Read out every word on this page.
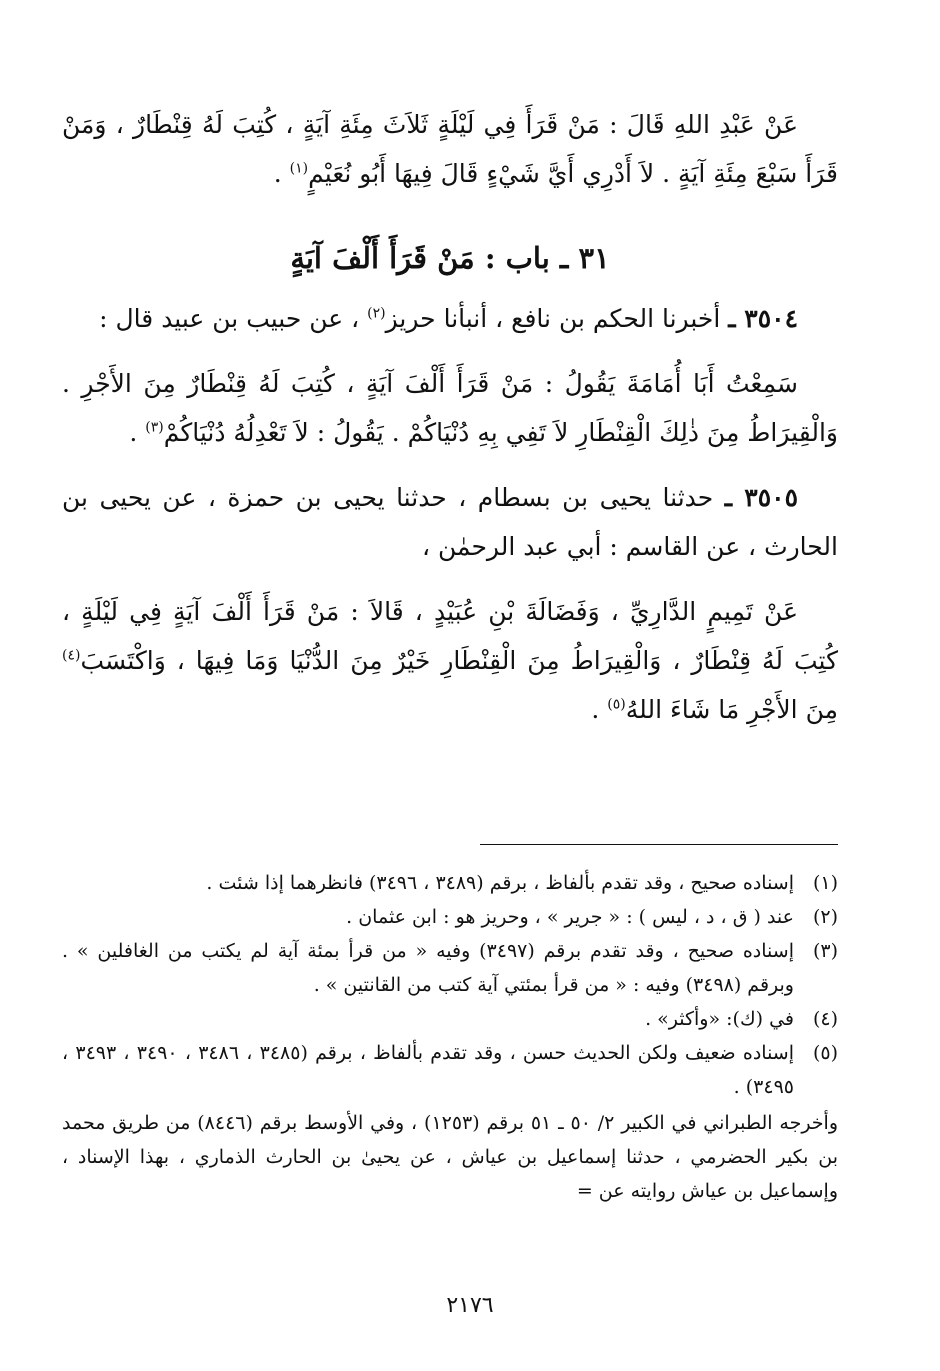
عَنْ عَبْدِ اللهِ قَالَ : مَنْ قَرَأَ فِي لَيْلَةٍ ثَلاَثَ مِئَةِ آيَةٍ ، كُتِبَ لَهُ قِنْطَارٌ ، وَمَنْ قَرَأَ سَبْعَ مِئَةِ آيَةٍ . لاَ أَدْرِي أَيَّ شَيْءٍ قَالَ فِيهَا أَبُو نُعَيْمٍ$^{(١)}$ .

٣١ ـ باب : مَنْ قَرَأَ أَلْفَ آيَةٍ

٣٥٠٤ ـ أخبرنا الحكم بن نافع ، أنبأنا حريز$^{(٢)}$ ، عن حبيب بن عبيد قال :

سَمِعْتُ أَبَا أُمَامَةَ يَقُولُ : مَنْ قَرَأَ أَلْفَ آيَةٍ ، كُتِبَ لَهُ قِنْطَارٌ مِنَ الأَجْرِ . وَالْقِيرَاطُ مِنَ ذٰلِكَ الْقِنْطَارِ لاَ تَفِي بِهِ دُنْيَاكُمْ . يَقُولُ : لاَ تَعْدِلُهُ دُنْيَاكُمْ$^{(٣)}$ .

٣٥٠٥ ـ حدثنا يحيى بن بسطام ، حدثنا يحيى بن حمزة ، عن يحيى بن الحارث ، عن القاسم : أبي عبد الرحمٰن ،

عَنْ تَمِيمٍ الدَّارِيِّ ، وَفَضَالَةَ بْنِ عُبَيْدٍ ، قَالاَ : مَنْ قَرَأَ أَلْفَ آيَةٍ فِي لَيْلَةٍ ، كُتِبَ لَهُ قِنْطَارٌ ، وَالْقِيرَاطُ مِنَ الْقِنْطَارِ خَيْرٌ مِنَ الدُّنْيَا وَمَا فِيهَا ، وَاكْتَسَبَ$^{(٤)}$ مِنَ الأَجْرِ مَا شَاءَ اللهُ$^{(٥)}$ .

(١)
إسناده صحيح ، وقد تقدم بألفاظ ، برقم (٣٤٨٩ ، ٣٤٩٦) فانظرهما إذا شئت .
(٢)
عند ( ق ، د ، ليس ) : « جرير » ، وحريز هو : ابن عثمان .
(٣)
إسناده صحيح ، وقد تقدم برقم (٣٤٩٧) وفيه « من قرأ بمئة آية لم يكتب من الغافلين » . وبرقم (٣٤٩٨) وفيه : « من قرأ بمئتي آية كتب من القانتين » .
(٤)
في (ك): «وأكثر» .
(٥)
إسناده ضعيف ولكن الحديث حسن ، وقد تقدم بألفاظ ، برقم (٣٤٨٥ ، ٣٤٨٦ ، ٣٤٩٠ ، ٣٤٩٣ ، ٣٤٩٥) .
وأخرجه الطبراني في الكبير ٢/ ٥٠ ـ ٥١ برقم (١٢٥٣) ، وفي الأوسط برقم (٨٤٤٦) من طريق محمد بن بكير الحضرمي ، حدثنا إسماعيل بن عياش ، عن يحيىٰ بن الحارث الذماري ، بهذا الإسناد ، وإسماعيل بن عياش روايته عن =
٢١٧٦
